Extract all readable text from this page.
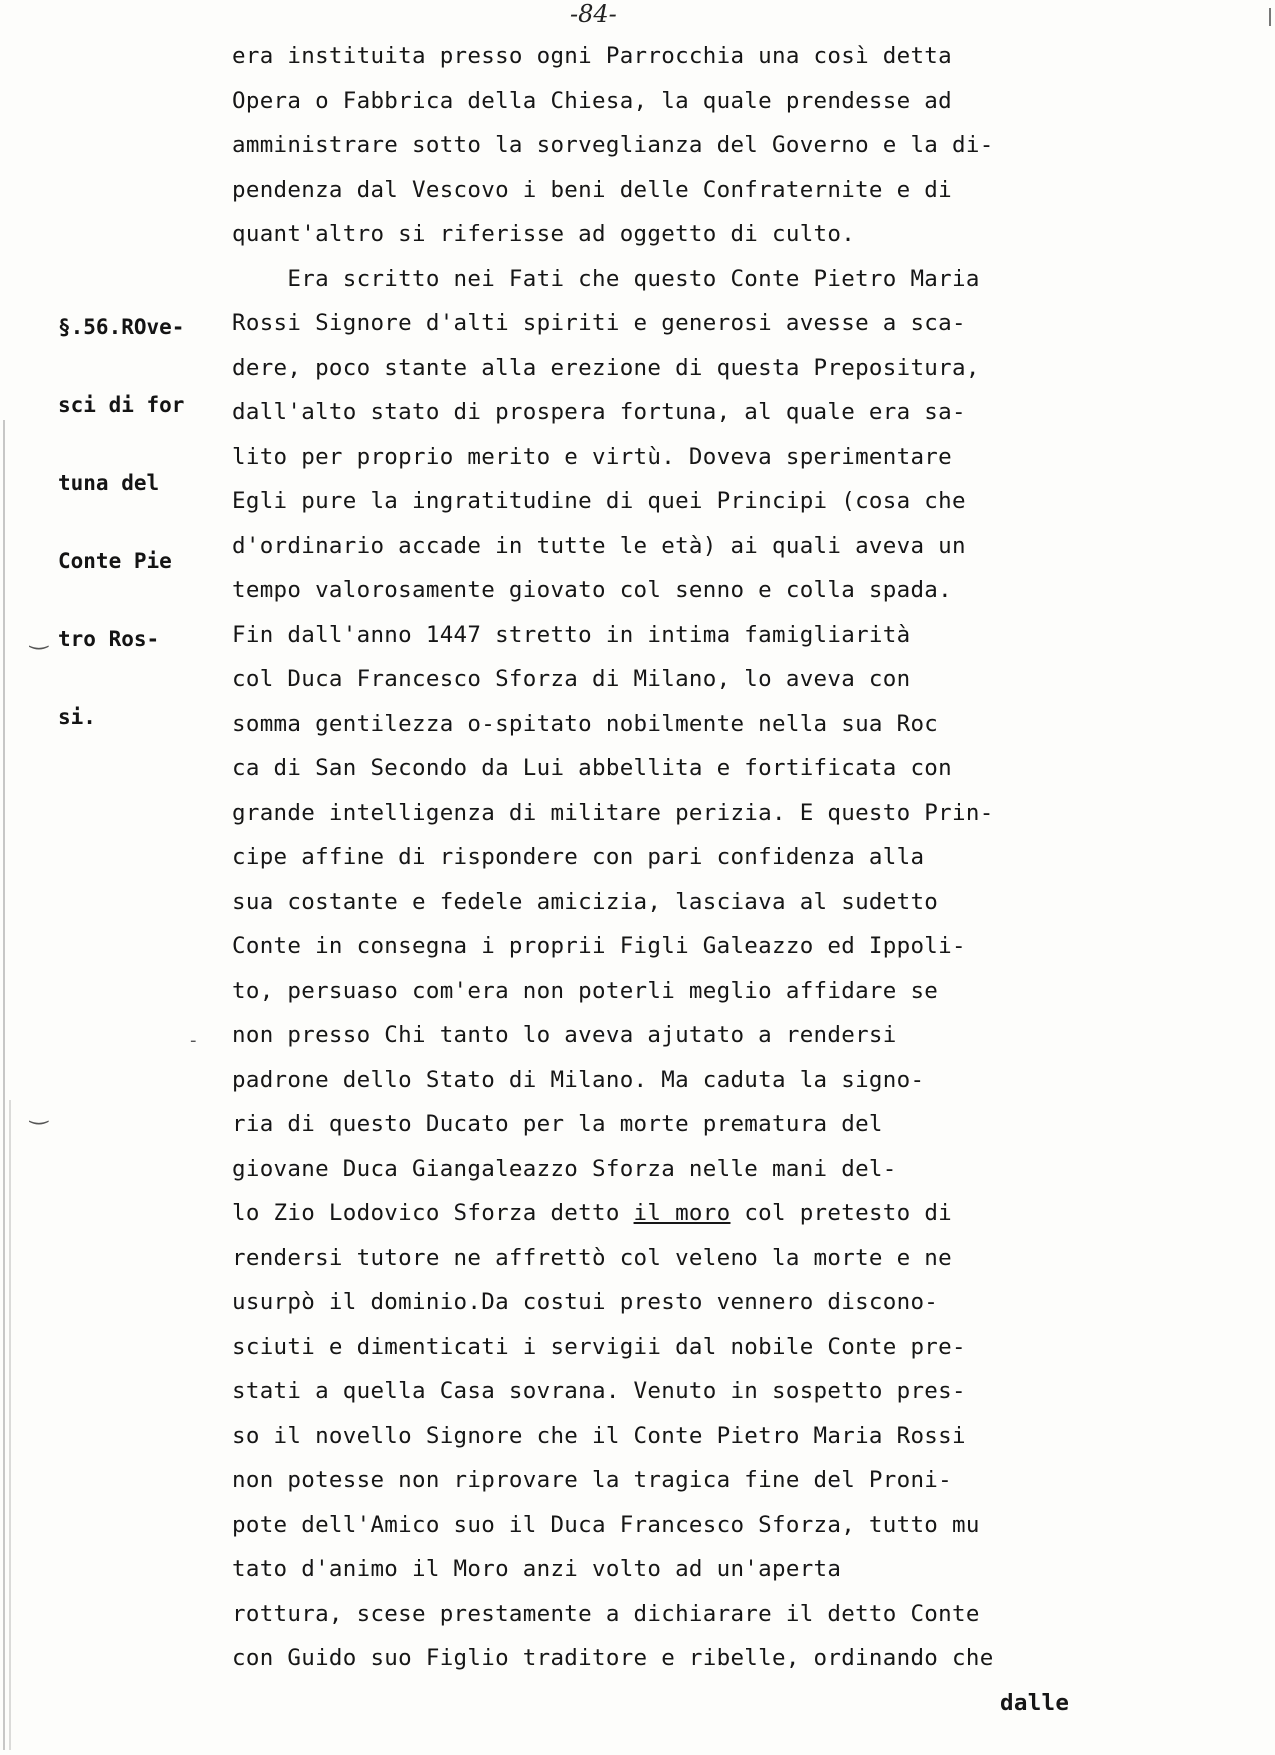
‿
-
‿
-84-

§.56.ROve-

sci di for

tuna del

Conte Pie

tro Ros-

si.

era instituita presso ogni Parrocchia una così detta
Opera o Fabbrica della Chiesa, la quale prendesse ad
amministrare sotto la sorveglianza del Governo e la di-
pendenza dal Vescovo i beni delle Confraternite e di
quant'altro si riferisse ad oggetto di culto.
Era scritto nei Fati che questo Conte Pietro Maria
Rossi Signore d'alti spiriti e generosi avesse a sca-
dere, poco stante alla erezione di questa Prepositura,
dall'alto stato di prospera fortuna, al quale era sa-
lito per proprio merito e virtù. Doveva sperimentare
Egli pure la ingratitudine di quei Principi (cosa che
d'ordinario accade in tutte le età) ai quali aveva un
tempo valorosamente giovato col senno e colla spada.
Fin dall'anno 1447 stretto in intima famigliarità
col Duca Francesco Sforza di Milano, lo aveva con
somma gentilezza o-spitato nobilmente nella sua Roc
ca di San Secondo da Lui abbellita e fortificata con
grande intelligenza di militare perizia. E questo Prin-
cipe affine di rispondere con pari confidenza alla
sua costante e fedele amicizia, lasciava al sudetto
Conte in consegna i proprii Figli Galeazzo ed Ippoli-
to, persuaso com'era non poterli meglio affidare se
non presso Chi tanto lo aveva ajutato a rendersi
padrone dello Stato di Milano. Ma caduta la signo-
ria di questo Ducato per la morte prematura del
giovane Duca Giangaleazzo Sforza nelle mani del-
lo Zio Lodovico Sforza detto il moro col pretesto di
rendersi tutore ne affrettò col veleno la morte e ne
usurpò il dominio.Da costui presto vennero discono-
sciuti e dimenticati i servigii dal nobile Conte pre-
stati a quella Casa sovrana. Venuto in sospetto pres-
so il novello Signore che il Conte Pietro Maria Rossi
non potesse non riprovare la tragica fine del Proni-
pote dell'Amico suo il Duca Francesco Sforza, tutto mu
tato d'animo il Moro anzi volto ad un'aperta
rottura, scese prestamente a dichiarare il detto Conte
con Guido suo Figlio traditore e ribelle, ordinando che
dalle
